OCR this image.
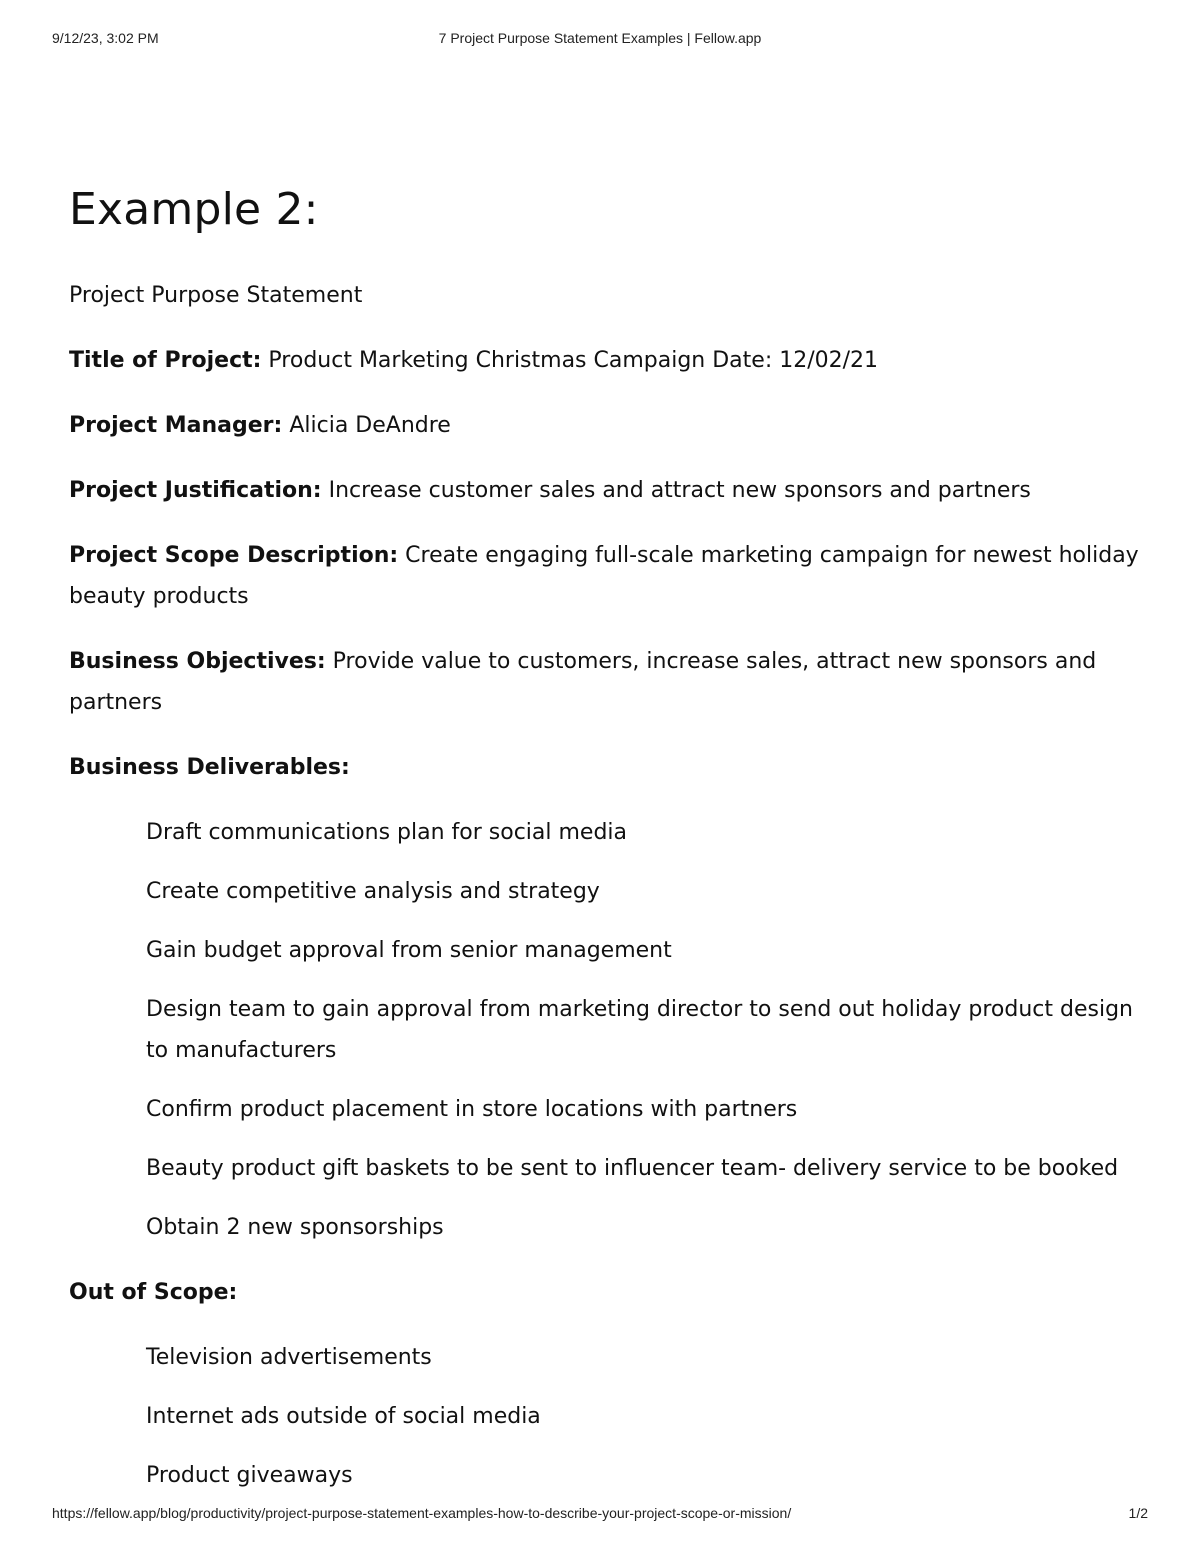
9/12/23, 3:02 PM	7 Project Purpose Statement Examples | Fellow.app
Example 2:

Project Purpose Statement

Title of Project: Product Marketing Christmas Campaign Date: 12/02/21

Project Manager: Alicia DeAndre

Project Justification: Increase customer sales and attract new sponsors and partners

Project Scope Description: Create engaging full-scale marketing campaign for newest holiday beauty products

Business Objectives: Provide value to customers, increase sales, attract new sponsors and partners

Business Deliverables:

Draft communications plan for social media
Create competitive analysis and strategy
Gain budget approval from senior management
Design team to gain approval from marketing director to send out holiday product design to manufacturers
Confirm product placement in store locations with partners
Beauty product gift baskets to be sent to influencer team- delivery service to be booked
Obtain 2 new sponsorships

Out of Scope:

Television advertisements
Internet ads outside of social media
Product giveaways
https://fellow.app/blog/productivity/project-purpose-statement-examples-how-to-describe-your-project-scope-or-mission/	1/2
